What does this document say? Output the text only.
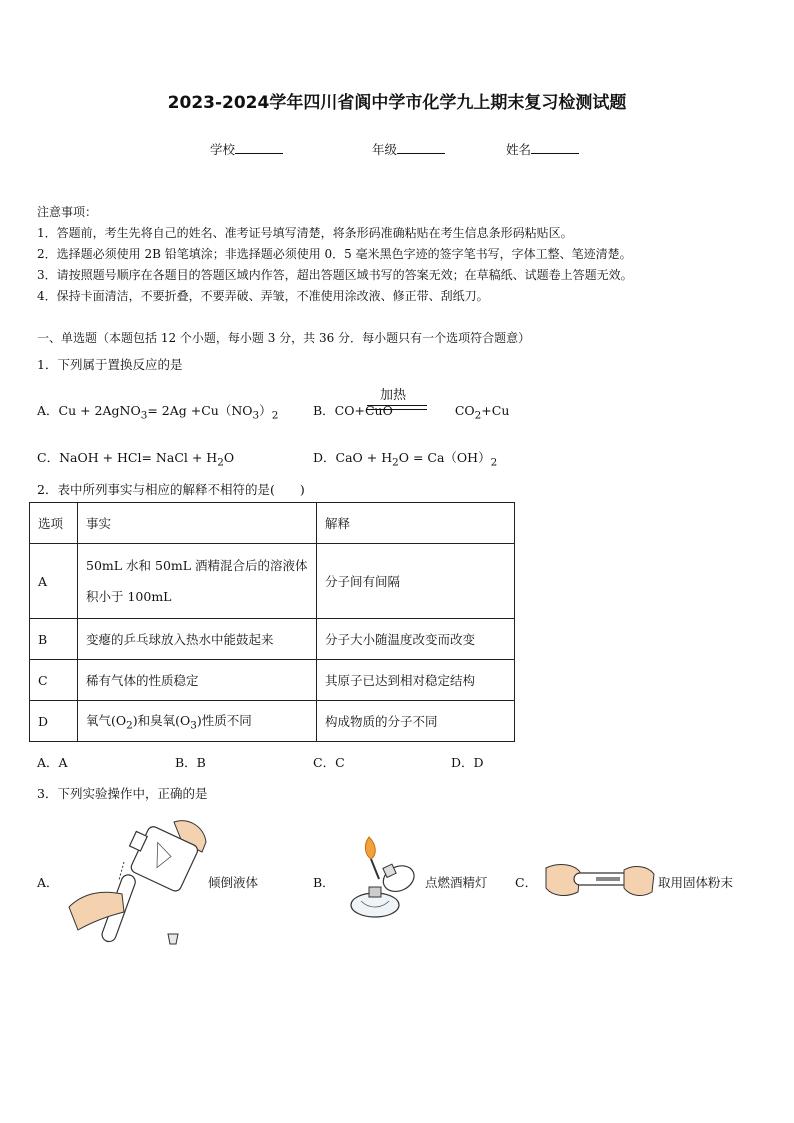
2023-2024学年四川省阆中学市化学九上期末复习检测试题
学校	年级	姓名
注意事项：
1．答题前，考生先将自己的姓名、准考证号填写清楚，将条形码准确粘贴在考生信息条形码粘贴区。
2．选择题必须使用 2B 铅笔填涂；非选择题必须使用 0．5 毫米黑色字迹的签字笔书写，字体工整、笔迹清楚。
3．请按照题号顺序在各题目的答题区域内作答，超出答题区域书写的答案无效；在草稿纸、试题卷上答题无效。
4．保持卡面清洁，不要折叠，不要弄破、弄皱，不准使用涂改液、修正带、刮纸刀。
一、单选题（本题包括 12 个小题，每小题 3 分，共 36 分．每小题只有一个选项符合题意）
1．下列属于置换反应的是
A．Cu + 2AgNO$_3$= $2Ag +Cu(NO_3)_2$	B．CO+CuO	$CO_2+Cu$
加热
C．NaOH + HCl= NaCl + $H_2O$	D．CaO + $H_2O = Ca(OH)_2$
2．表中所列事实与相应的解释不相符的是(　　)
选项	事实	解释
A	50mL 水和 50mL 酒精混合后的溶液体积小于 100mL	分子间有间隔
B	变瘪的乒乓球放入热水中能鼓起来	分子大小随温度改变而改变
C	稀有气体的性质稳定	其原子已达到相对稳定结构
D	氧气$(O_2)$和臭氧$(O_3)$性质不同	构成物质的分子不同
A．A	B．B	C．C	D．D
3．下列实验操作中，正确的是
A．	倾倒液体	B．	点燃酒精灯 C．	取用固体粉末
